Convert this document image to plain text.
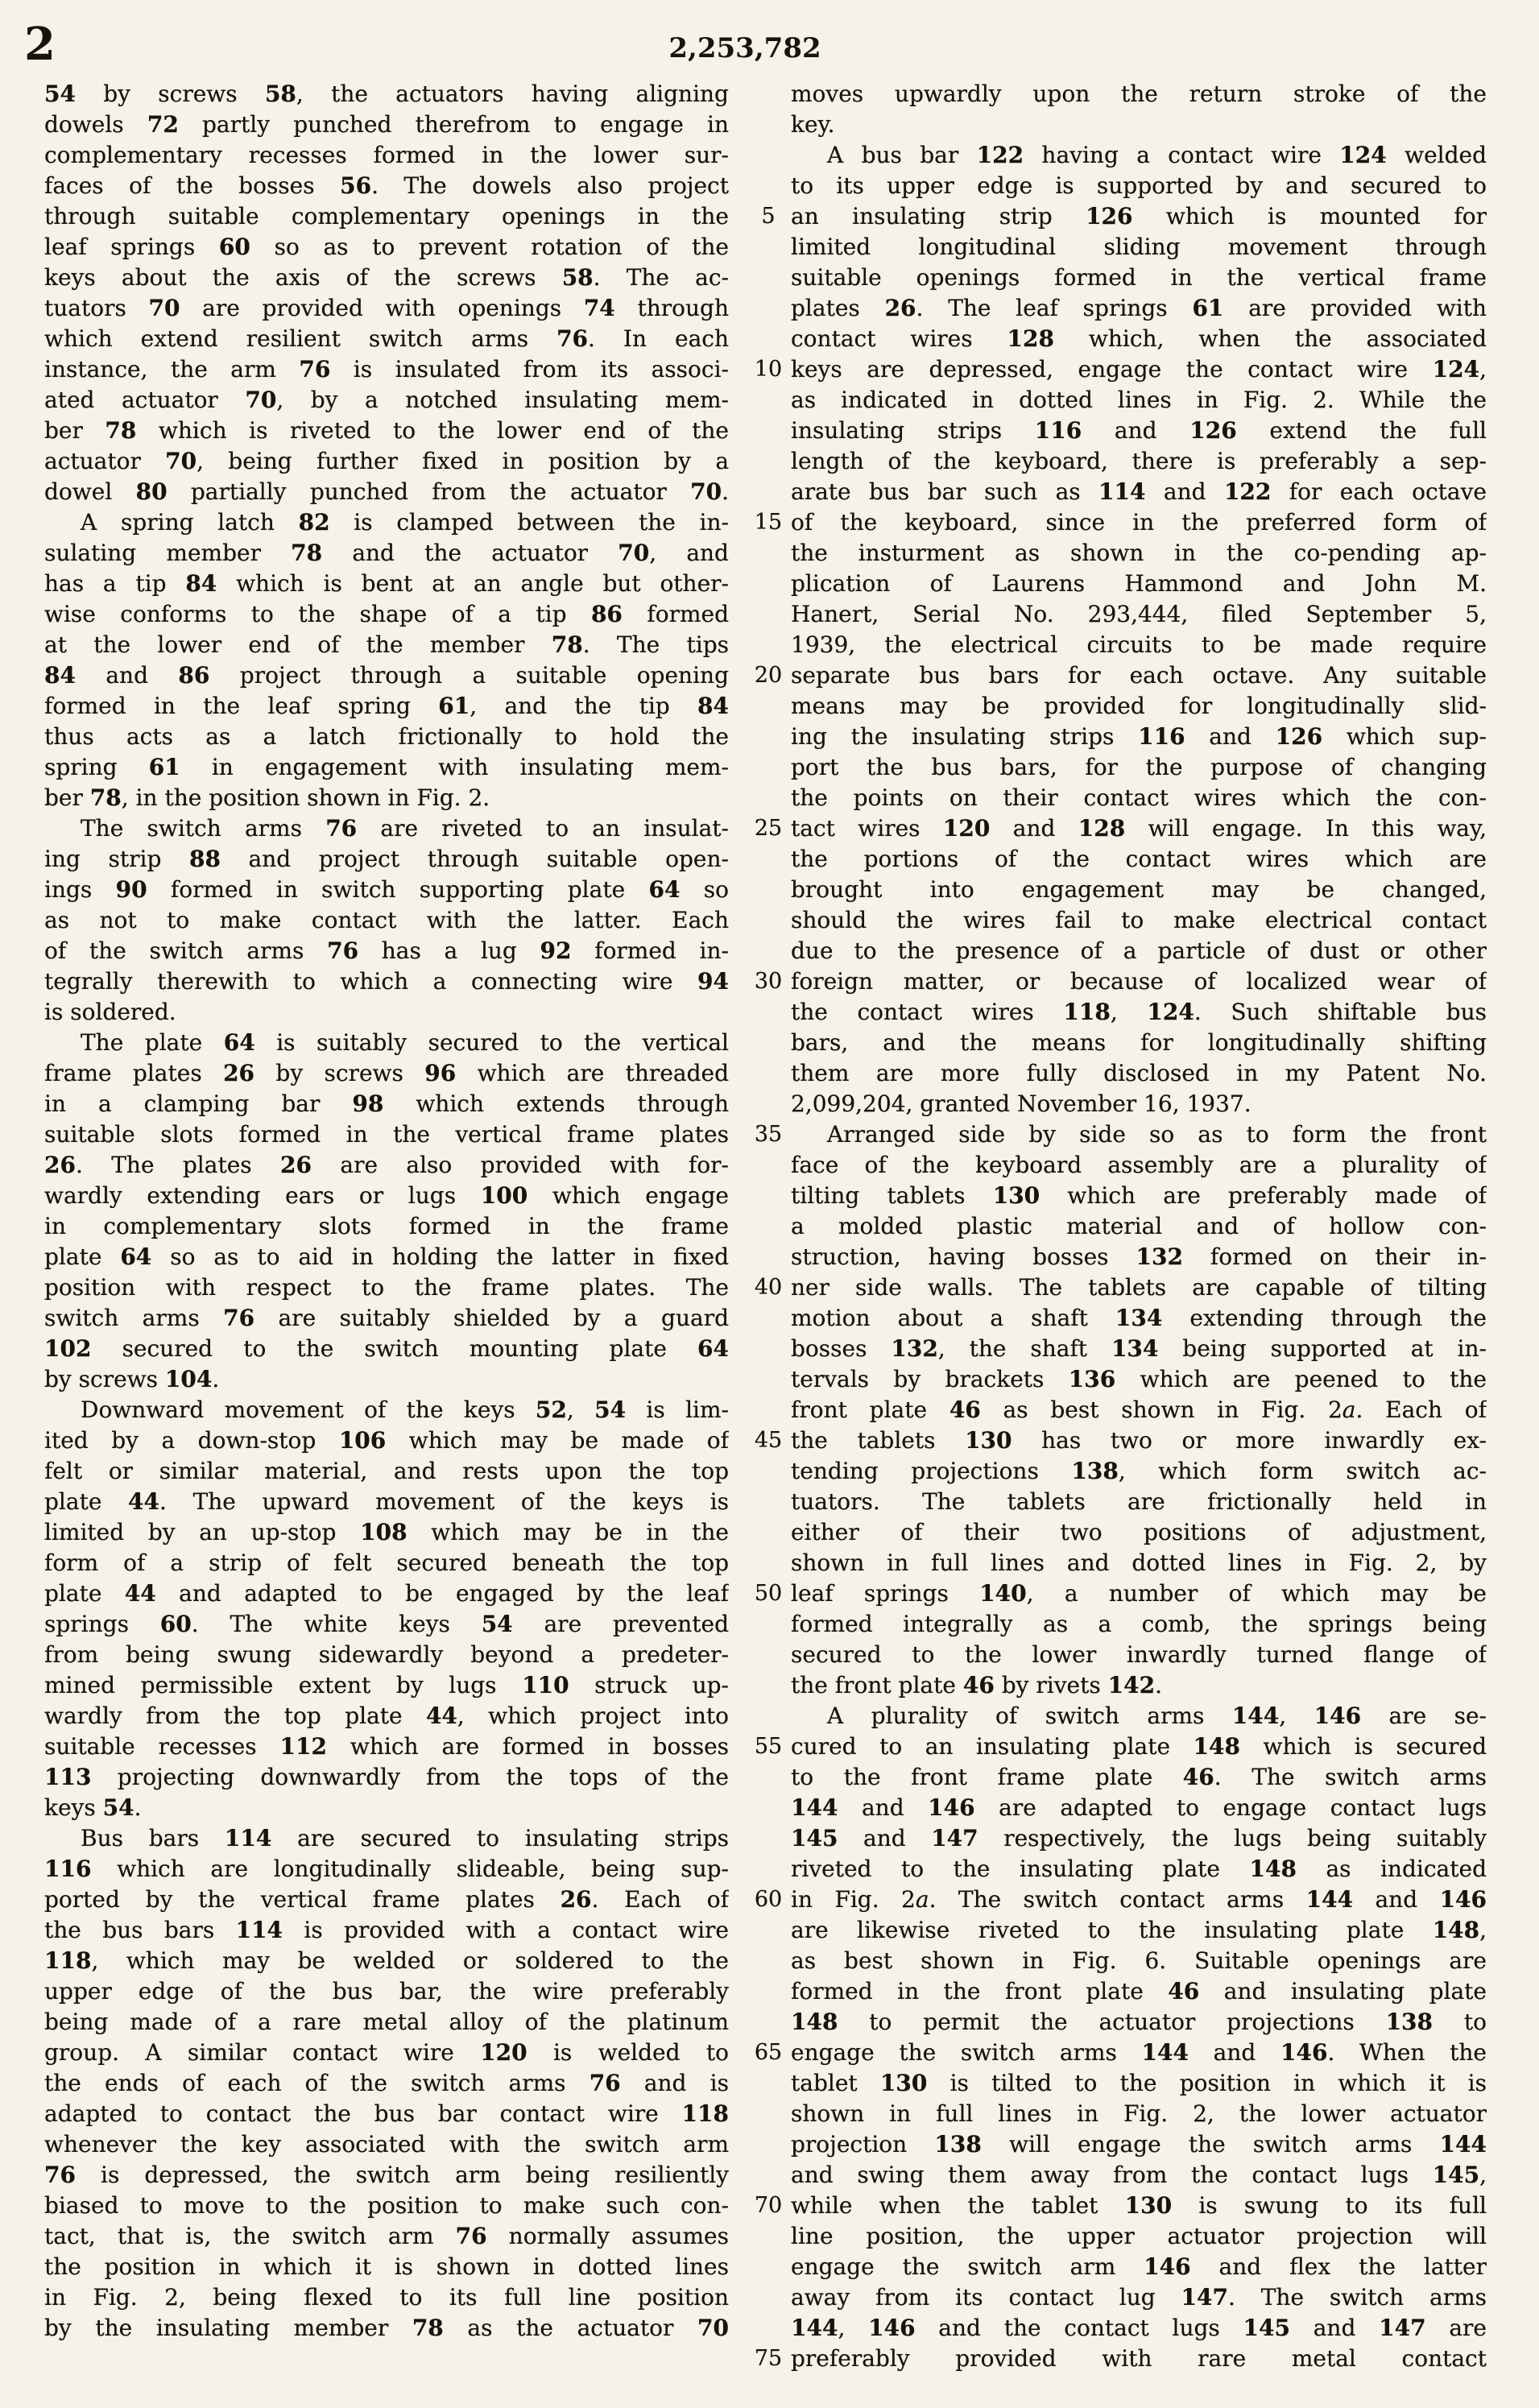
2	2,253,782
54 by screws 58, the actuators having aligning
dowels 72 partly punched therefrom to engage in
complementary recesses formed in the lower sur-
faces of the bosses 56. The dowels also project
through suitable complementary openings in the
leaf springs 60 so as to prevent rotation of the
keys about the axis of the screws 58. The ac-
tuators 70 are provided with openings 74 through
which extend resilient switch arms 76. In each
instance, the arm 76 is insulated from its associ-
ated actuator 70, by a notched insulating mem-
ber 78 which is riveted to the lower end of the
actuator 70, being further fixed in position by a
dowel 80 partially punched from the actuator 70.
A spring latch 82 is clamped between the in-
sulating member 78 and the actuator 70, and
has a tip 84 which is bent at an angle but other-
wise conforms to the shape of a tip 86 formed
at the lower end of the member 78. The tips
84 and 86 project through a suitable opening
formed in the leaf spring 61, and the tip 84
thus acts as a latch frictionally to hold the
spring 61 in engagement with insulating mem-
ber 78, in the position shown in Fig. 2.
The switch arms 76 are riveted to an insulat-
ing strip 88 and project through suitable open-
ings 90 formed in switch supporting plate 64 so
as not to make contact with the latter. Each
of the switch arms 76 has a lug 92 formed in-
tegrally therewith to which a connecting wire 94
is soldered.
The plate 64 is suitably secured to the vertical
frame plates 26 by screws 96 which are threaded
in a clamping bar 98 which extends through
suitable slots formed in the vertical frame plates
26. The plates 26 are also provided with for-
wardly extending ears or lugs 100 which engage
in complementary slots formed in the frame
plate 64 so as to aid in holding the latter in fixed
position with respect to the frame plates. The
switch arms 76 are suitably shielded by a guard
102 secured to the switch mounting plate 64
by screws 104.
Downward movement of the keys 52, 54 is lim-
ited by a down-stop 106 which may be made of
felt or similar material, and rests upon the top
plate 44. The upward movement of the keys is
limited by an up-stop 108 which may be in the
form of a strip of felt secured beneath the top
plate 44 and adapted to be engaged by the leaf
springs 60. The white keys 54 are prevented
from being swung sidewardly beyond a predeter-
mined permissible extent by lugs 110 struck up-
wardly from the top plate 44, which project into
suitable recesses 112 which are formed in bosses
113 projecting downwardly from the tops of the
keys 54.
Bus bars 114 are secured to insulating strips
116 which are longitudinally slideable, being sup-
ported by the vertical frame plates 26. Each of
the bus bars 114 is provided with a contact wire
118, which may be welded or soldered to the
upper edge of the bus bar, the wire preferably
being made of a rare metal alloy of the platinum
group. A similar contact wire 120 is welded to
the ends of each of the switch arms 76 and is
adapted to contact the bus bar contact wire 118
whenever the key associated with the switch arm
76 is depressed, the switch arm being resiliently
biased to move to the position to make such con-
tact, that is, the switch arm 76 normally assumes
the position in which it is shown in dotted lines
in Fig. 2, being flexed to its full line position
by the insulating member 78 as the actuator 70
5
10
15
20
25
30
35
40
45
50
55
60
65
70
75
moves upwardly upon the return stroke of the
key.
A bus bar 122 having a contact wire 124 welded
to its upper edge is supported by and secured to
an insulating strip 126 which is mounted for
limited longitudinal sliding movement through
suitable openings formed in the vertical frame
plates 26. The leaf springs 61 are provided with
contact wires 128 which, when the associated
keys are depressed, engage the contact wire 124,
as indicated in dotted lines in Fig. 2. While the
insulating strips 116 and 126 extend the full
length of the keyboard, there is preferably a sep-
arate bus bar such as 114 and 122 for each octave
of the keyboard, since in the preferred form of
the insturment as shown in the co-pending ap-
plication of Laurens Hammond and John M.
Hanert, Serial No. 293,444, filed September 5,
1939, the electrical circuits to be made require
separate bus bars for each octave. Any suitable
means may be provided for longitudinally slid-
ing the insulating strips 116 and 126 which sup-
port the bus bars, for the purpose of changing
the points on their contact wires which the con-
tact wires 120 and 128 will engage. In this way,
the portions of the contact wires which are
brought into engagement may be changed,
should the wires fail to make electrical contact
due to the presence of a particle of dust or other
foreign matter, or because of localized wear of
the contact wires 118, 124. Such shiftable bus
bars, and the means for longitudinally shifting
them are more fully disclosed in my Patent No.
2,099,204, granted November 16, 1937.
Arranged side by side so as to form the front
face of the keyboard assembly are a plurality of
tilting tablets 130 which are preferably made of
a molded plastic material and of hollow con-
struction, having bosses 132 formed on their in-
ner side walls. The tablets are capable of tilting
motion about a shaft 134 extending through the
bosses 132, the shaft 134 being supported at in-
tervals by brackets 136 which are peened to the
front plate 46 as best shown in Fig. 2a. Each of
the tablets 130 has two or more inwardly ex-
tending projections 138, which form switch ac-
tuators. The tablets are frictionally held in
either of their two positions of adjustment,
shown in full lines and dotted lines in Fig. 2, by
leaf springs 140, a number of which may be
formed integrally as a comb, the springs being
secured to the lower inwardly turned flange of
the front plate 46 by rivets 142.
A plurality of switch arms 144, 146 are se-
cured to an insulating plate 148 which is secured
to the front frame plate 46. The switch arms
144 and 146 are adapted to engage contact lugs
145 and 147 respectively, the lugs being suitably
riveted to the insulating plate 148 as indicated
in Fig. 2a. The switch contact arms 144 and 146
are likewise riveted to the insulating plate 148,
as best shown in Fig. 6. Suitable openings are
formed in the front plate 46 and insulating plate
148 to permit the actuator projections 138 to
engage the switch arms 144 and 146. When the
tablet 130 is tilted to the position in which it is
shown in full lines in Fig. 2, the lower actuator
projection 138 will engage the switch arms 144
and swing them away from the contact lugs 145,
while when the tablet 130 is swung to its full
line position, the upper actuator projection will
engage the switch arm 146 and flex the latter
away from its contact lug 147. The switch arms
144, 146 and the contact lugs 145 and 147 are
preferably provided with rare metal contact
